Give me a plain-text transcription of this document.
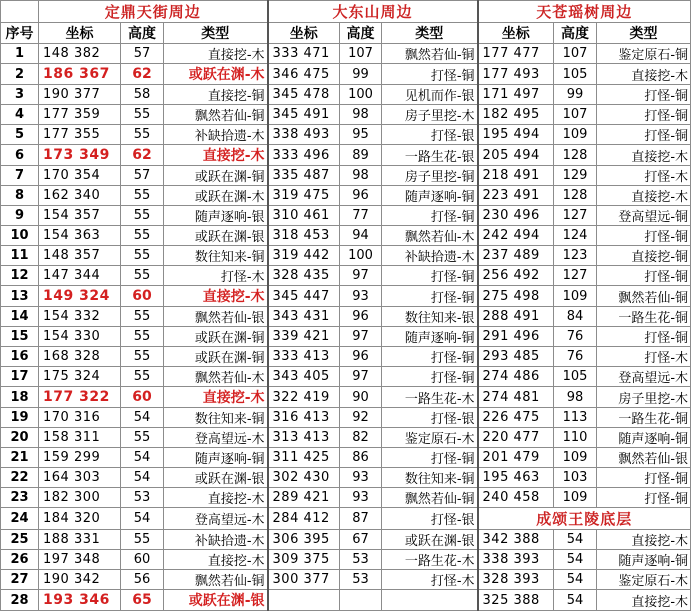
	定鼎天街周边			大东山周边			天苍瑶树周边		
序号	坐标	高度	类型	坐标	高度	类型	坐标	高度	类型
1	148 382	57	直接挖-木	333 471	107	飘然若仙-铜	177 477	107	鉴定原石-铜
2	186 367	62	或跃在渊-木	346 475	99	打怪-铜	177 493	105	直接挖-木
3	190 377	58	直接挖-铜	345 478	100	见机而作-银	171 497	99	打怪-铜
4	177 359	55	飘然若仙-铜	345 491	98	房子里挖-木	182 495	107	打怪-铜
5	177 355	55	补缺拾遗-木	338 493	95	打怪-银	195 494	109	打怪-铜
6	173 349	62	直接挖-木	333 496	89	一路生花-银	205 494	128	直接挖-木
7	170 354	57	或跃在渊-铜	335 487	98	房子里挖-铜	218 491	129	打怪-木
8	162 340	55	或跃在渊-木	319 475	96	随声逐响-铜	223 491	128	直接挖-木
9	154 357	55	随声逐响-银	310 461	77	打怪-铜	230 496	127	登高望远-铜
10	154 363	55	或跃在渊-银	318 453	94	飘然若仙-木	242 494	124	打怪-铜
11	148 357	55	数往知来-铜	319 442	100	补缺拾遗-木	237 489	123	直接挖-铜
12	147 344	55	打怪-木	328 435	97	打怪-铜	256 492	127	打怪-铜
13	149 324	60	直接挖-木	345 447	93	打怪-铜	275 498	109	飘然若仙-铜
14	154 332	55	飘然若仙-银	343 431	96	数往知来-银	288 491	84	一路生花-铜
15	154 330	55	或跃在渊-铜	339 421	97	随声逐响-铜	291 496	76	打怪-铜
16	168 328	55	或跃在渊-铜	333 413	96	打怪-铜	293 485	76	打怪-木
17	175 324	55	飘然若仙-木	343 405	97	打怪-铜	274 486	105	登高望远-木
18	177 322	60	直接挖-木	322 419	90	一路生花-木	274 481	98	房子里挖-木
19	170 316	54	数往知来-铜	316 413	92	打怪-银	226 475	113	一路生花-铜
20	158 311	55	登高望远-木	313 413	82	鉴定原石-木	220 477	110	随声逐响-铜
21	159 299	54	随声逐响-铜	311 425	86	打怪-铜	201 479	109	飘然若仙-银
22	164 303	54	或跃在渊-银	302 430	93	数往知来-铜	195 463	103	打怪-铜
23	182 300	53	直接挖-木	289 421	93	飘然若仙-铜	240 458	109	打怪-铜
24	184 320	54	登高望远-木	284 412	87	打怪-银	成颂王陵底层		
25	188 331	55	补缺拾遗-木	306 395	67	或跃在渊-银	342 388	54	直接挖-木
26	197 348	60	直接挖-木	309 375	53	一路生花-木	338 393	54	随声逐响-铜
27	190 342	56	飘然若仙-铜	300 377	53	打怪-木	328 393	54	鉴定原石-木
28	193 346	65	或跃在渊-银				325 388	54	直接挖-木
